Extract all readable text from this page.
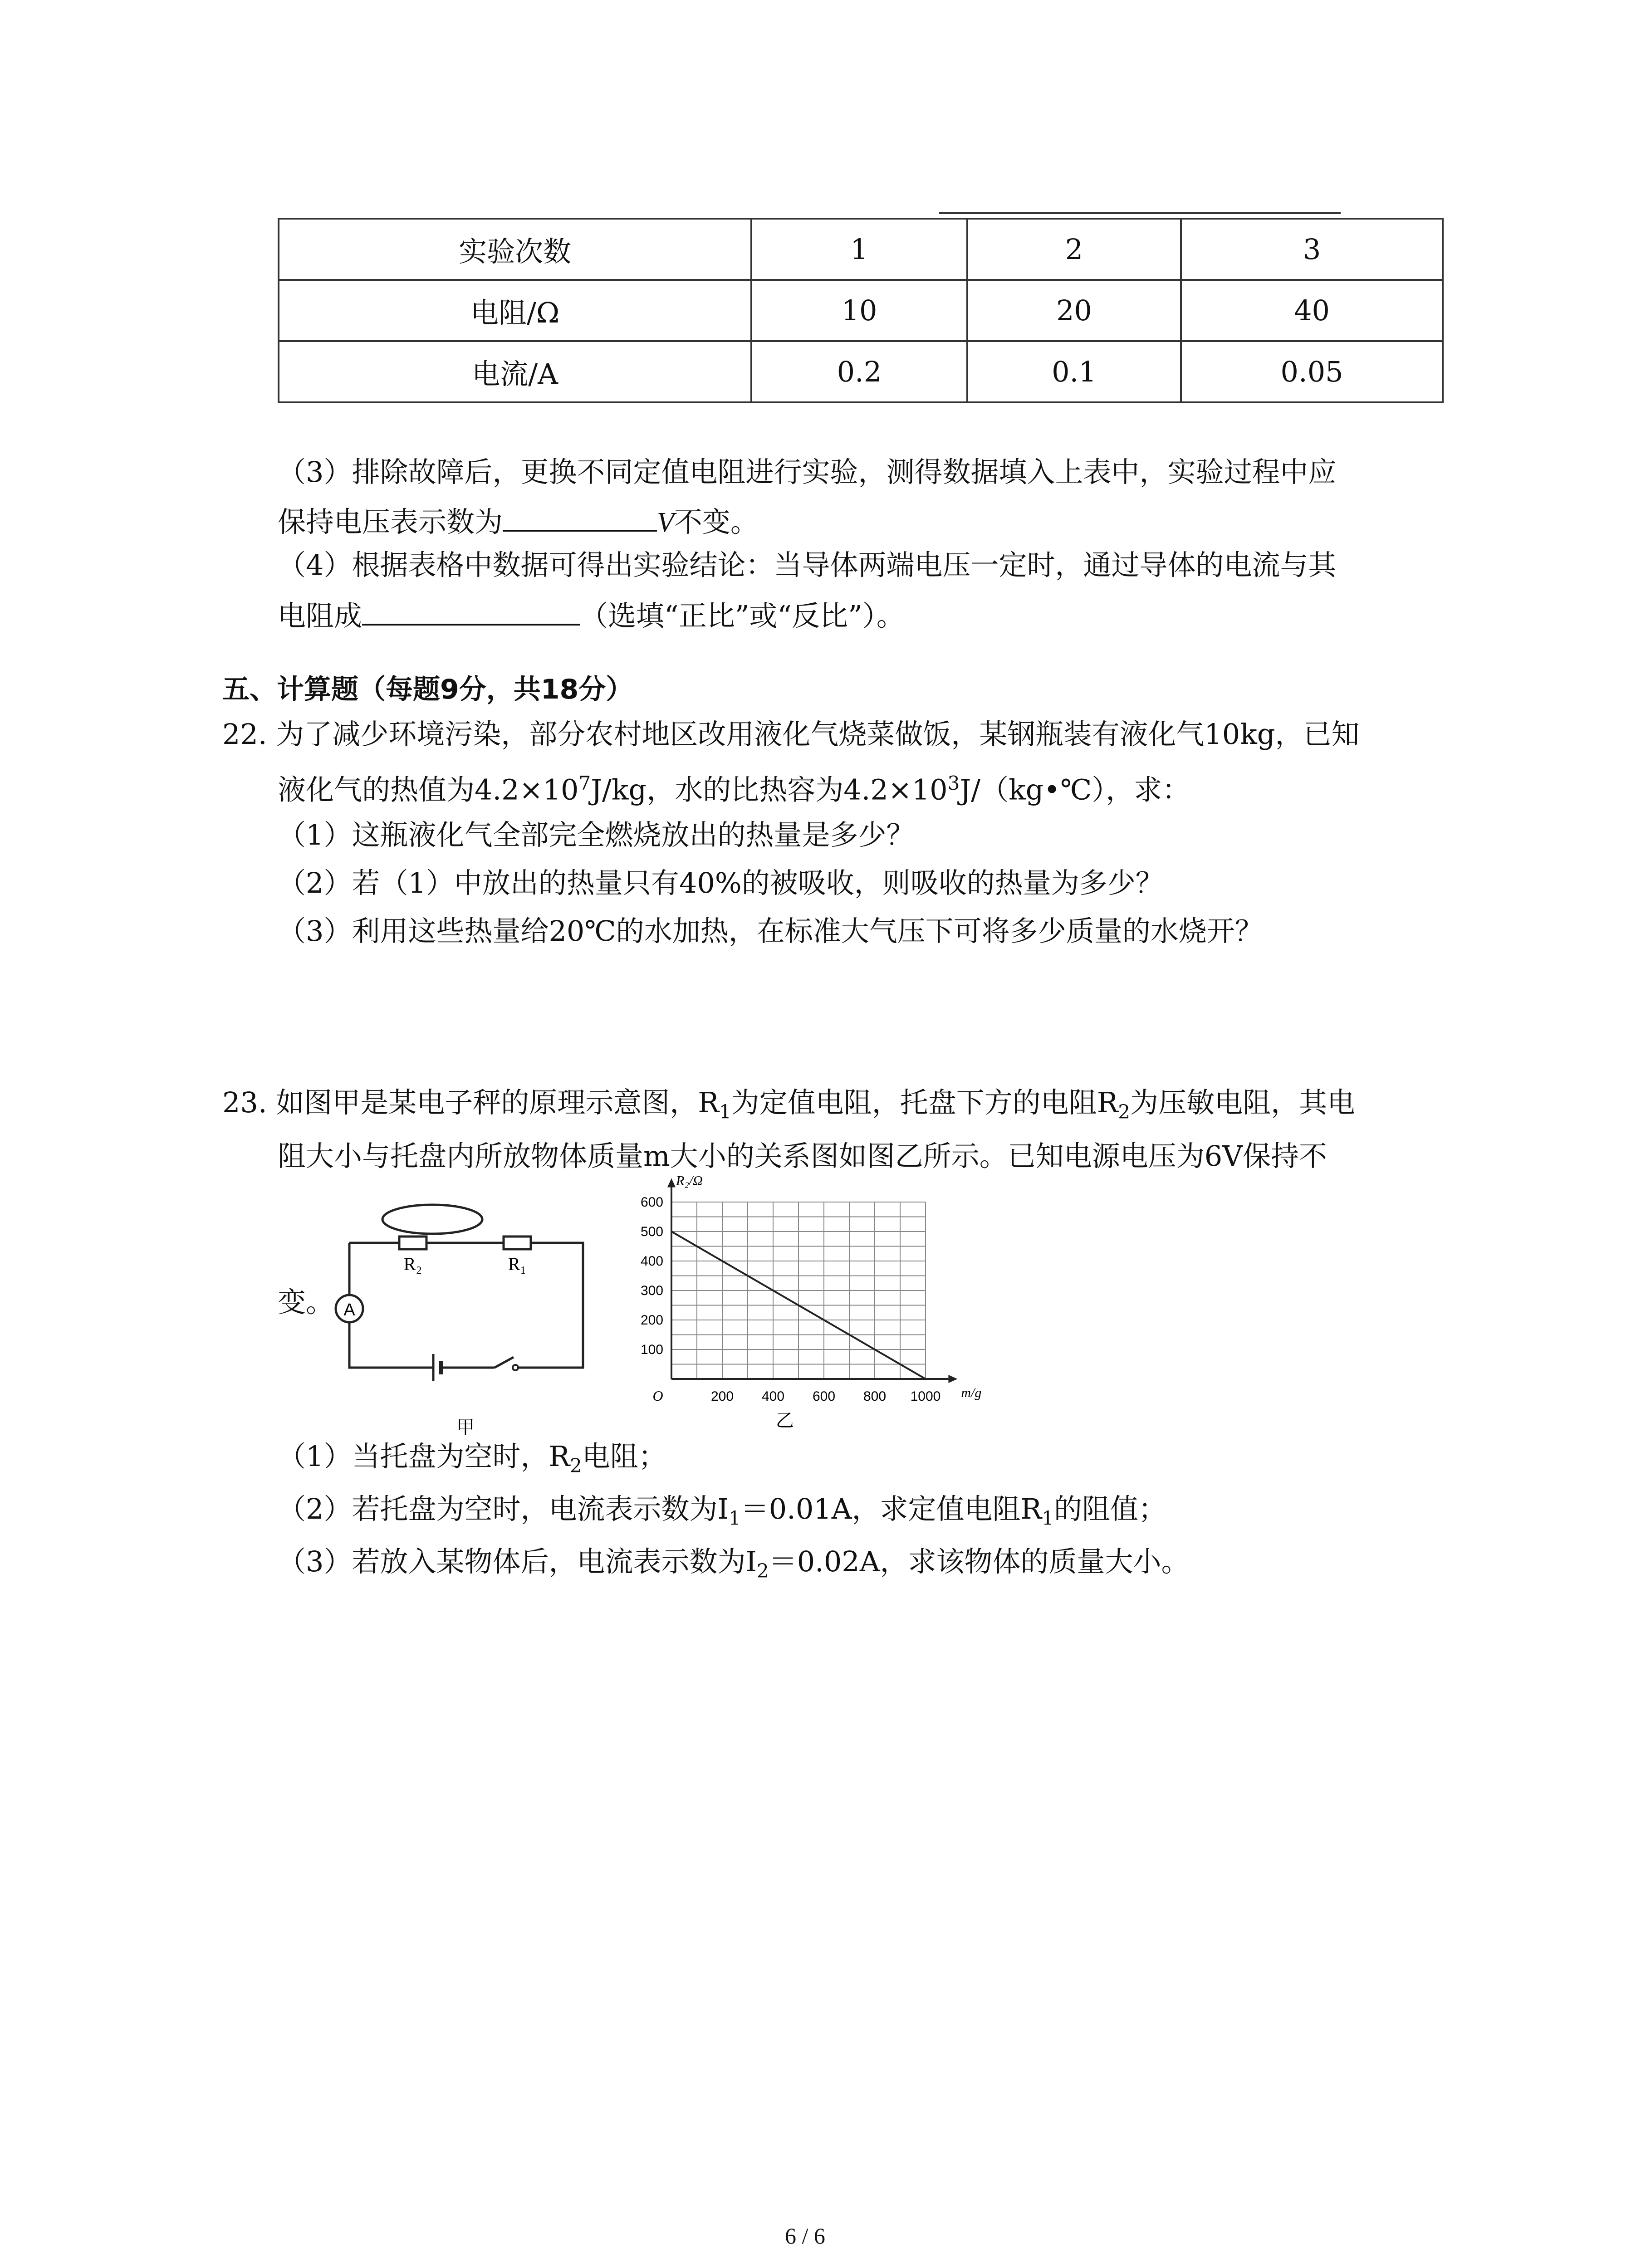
实验次数	1	2	3
电阻/Ω	10	20	40
电流/A	0.2	0.1	0.05
（3）排除故障后，更换不同定值电阻进行实验，测得数据填入上表中，实验过程中应
保持电压表示数为	V不变。
（4）根据表格中数据可得出实验结论：当导体两端电压一定时，通过导体的电流与其
电阻成	（选填“正比”或“反比”）。
五、计算题（每题9分，共18分）
22. 为了减少环境污染，部分农村地区改用液化气烧菜做饭，某钢瓶装有液化气10kg，已知
液化气的热值为$4.2\times 10^7J/kg$，水的比热容为$4.2\times 10^3J/(kg•℃)$，求：
（1）这瓶液化气全部完全燃烧放出的热量是多少？
（2）若（1）中放出的热量只有40%的被吸收，则吸收的热量为多少？
（3）利用这些热量给20℃的水加热，在标准大气压下可将多少质量的水烧开？
23. 如图甲是某电子秤的原理示意图，$R_1$为定值电阻，托盘下方的电阻$R_2$为压敏电阻，其电
阻大小与托盘内所放物体质量m大小的关系图如图乙所示。已知电源电压为6V保持不
变。 A
R₂	R₁
甲
200 400 600 800 1000
100
200
300
400
500
600
O
R₂/Ω
m/g
乙
（1）当托盘为空时，$R_2$电阻；
（2）若托盘为空时，电流表示数为$I_1=0.01A$，求定值电阻$R_1$的阻值；
（3）若放入某物体后，电流表示数为$I_2=0.02A$，求该物体的质量大小。
6 / 6
